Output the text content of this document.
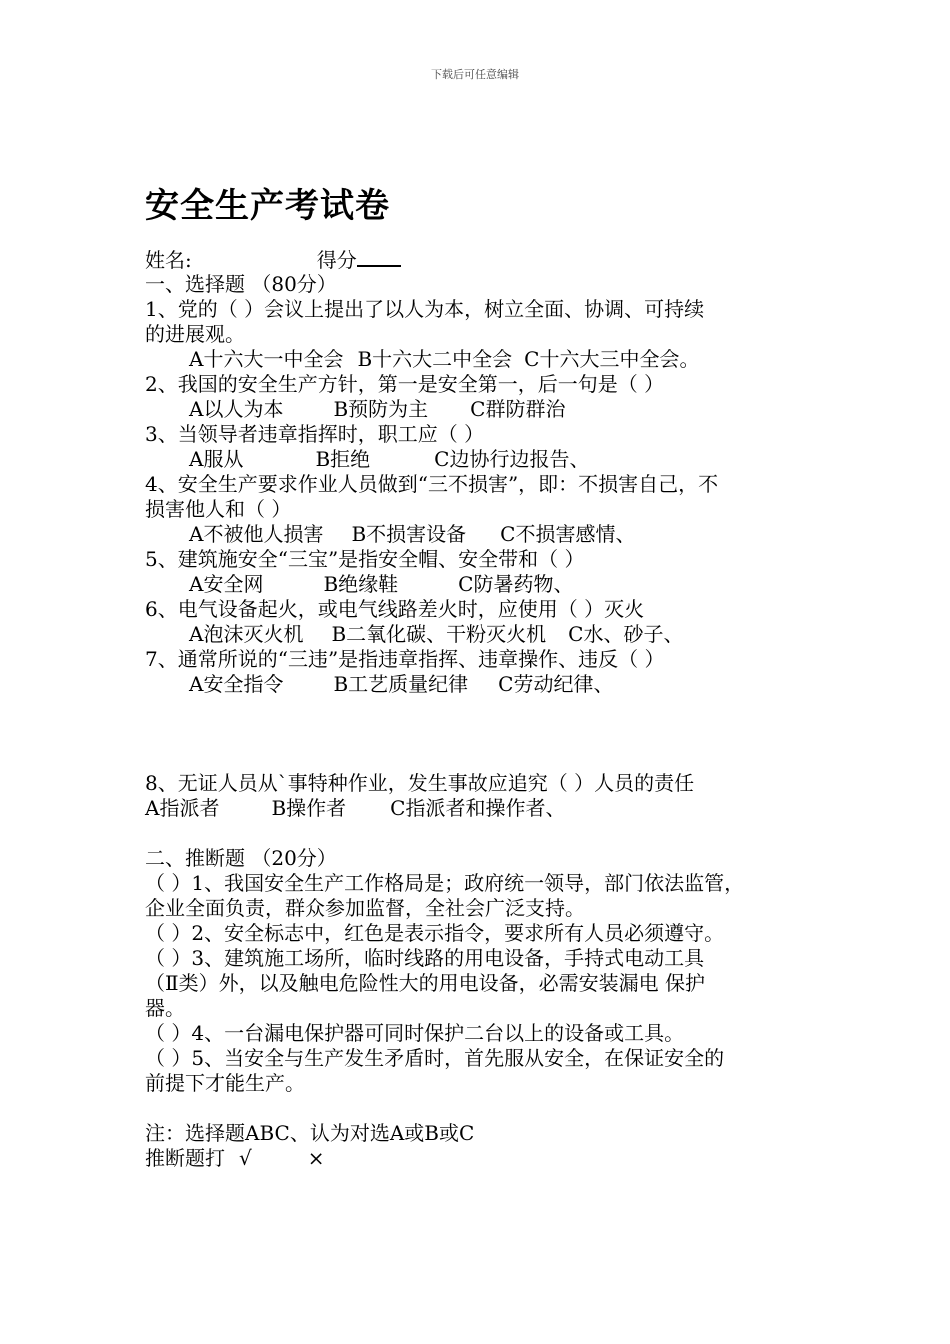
下载后可任意编辑
安全生产考试卷
姓名:	得分
一、选择题 （80分）
1、党的（ ）会议上提出了以人为本，树立全面、协调、可持续
的进展观。
A十六大一中全会 B十六大二中全会 C十六大三中全会。
2、我国的安全生产方针，第一是安全第一，后一句是（ ）
A以人为本	B预防为主 C群防群治
3、当领导者违章指挥时，职工应（ ）
A服从	B拒绝	C边协行边报告、
4、安全生产要求作业人员做到“三不损害”，即：不损害自己，不
损害他人和（ ）
A不被他人损害 B不损害设备 C不损害感情、
5、建筑施安全“三宝”是指安全帽、安全带和（ ）
A安全网	B绝缘鞋	C防暑药物、
6、电气设备起火，或电气线路差火时，应使用（ ）灭火
A泡沫灭火机 B二氧化碳、干粉灭火机 C水、砂子、
7、通常所说的“三违”是指违章指挥、违章操作、违反（ ）
A安全指令	B工艺质量纪律 C劳动纪律、
8、无证人员从`事特种作业，发生事故应追究（ ）人员的责任
A指派者	B操作者 C指派者和操作者、
二、推断题 （20分）
（ ）1、我国安全生产工作格局是；政府统一领导，部门依法监管，
企业全面负责，群众参加监督，全社会广泛支持。
（ ）2、安全标志中，红色是表示指令，要求所有人员必须遵守。
（ ）3、建筑施工场所，临时线路的用电设备，手持式电动工具
（Ⅱ类）外，以及触电危险性大的用电设备，必需安装漏电 保护
器。
（ ）4、一台漏电保护器可同时保护二台以上的设备或工具。
（ ）5、当安全与生产发生矛盾时，首先服从安全，在保证安全的
前提下才能生产。
注：选择题ABC、认为对选A或B或C
推断题打 √	×
